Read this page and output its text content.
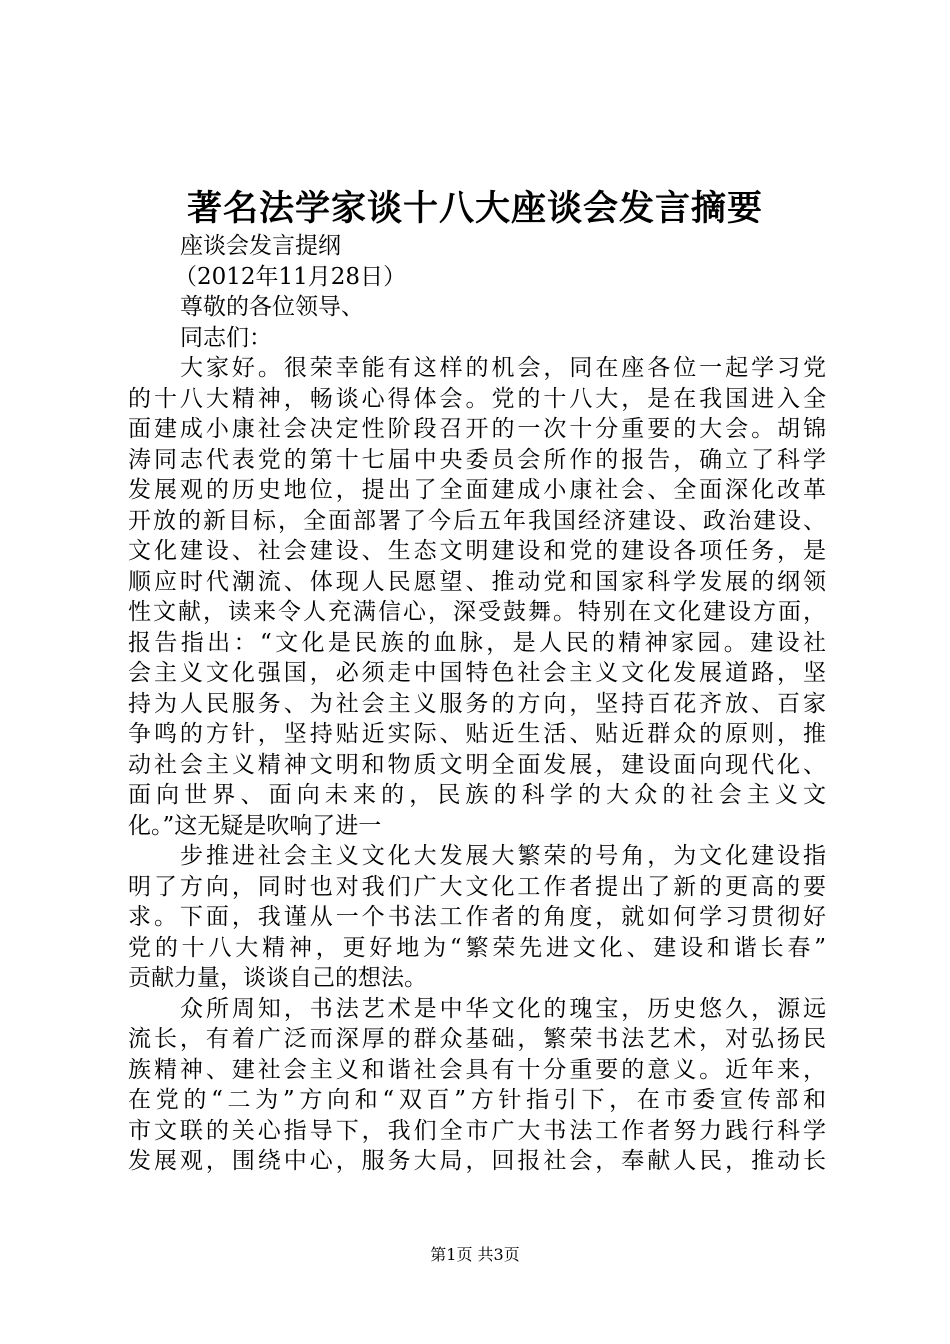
著名法学家谈十八大座谈会发言摘要
座谈会发言提纲
（2012年11月28日）
尊敬的各位领导、
同志们：
大家好。很荣幸能有这样的机会，同在座各位一起学习党
的十八大精神，畅谈心得体会。党的十八大，是在我国进入全
面建成小康社会决定性阶段召开的一次十分重要的大会。胡锦
涛同志代表党的第十七届中央委员会所作的报告，确立了科学
发展观的历史地位，提出了全面建成小康社会、全面深化改革
开放的新目标，全面部署了今后五年我国经济建设、政治建设、
文化建设、社会建设、生态文明建设和党的建设各项任务，是
顺应时代潮流、体现人民愿望、推动党和国家科学发展的纲领
性文献，读来令人充满信心，深受鼓舞。特别在文化建设方面，
报告指出：“文化是民族的血脉，是人民的精神家园。建设社
会主义文化强国，必须走中国特色社会主义文化发展道路，坚
持为人民服务、为社会主义服务的方向，坚持百花齐放、百家
争鸣的方针，坚持贴近实际、贴近生活、贴近群众的原则，推
动社会主义精神文明和物质文明全面发展，建设面向现代化、
面向世界、面向未来的，民族的科学的大众的社会主义文
化。”这无疑是吹响了进一
步推进社会主义文化大发展大繁荣的号角，为文化建设指
明了方向，同时也对我们广大文化工作者提出了新的更高的要
求。下面，我谨从一个书法工作者的角度，就如何学习贯彻好
党的十八大精神，更好地为“繁荣先进文化、建设和谐长春”
贡献力量，谈谈自己的想法。
众所周知，书法艺术是中华文化的瑰宝，历史悠久，源远
流长，有着广泛而深厚的群众基础，繁荣书法艺术，对弘扬民
族精神、建社会主义和谐社会具有十分重要的意义。近年来，
在党的“二为”方向和“双百”方针指引下，在市委宣传部和
市文联的关心指导下，我们全市广大书法工作者努力践行科学
发展观，围绕中心，服务大局，回报社会，奉献人民，推动长
第1页 共3页
